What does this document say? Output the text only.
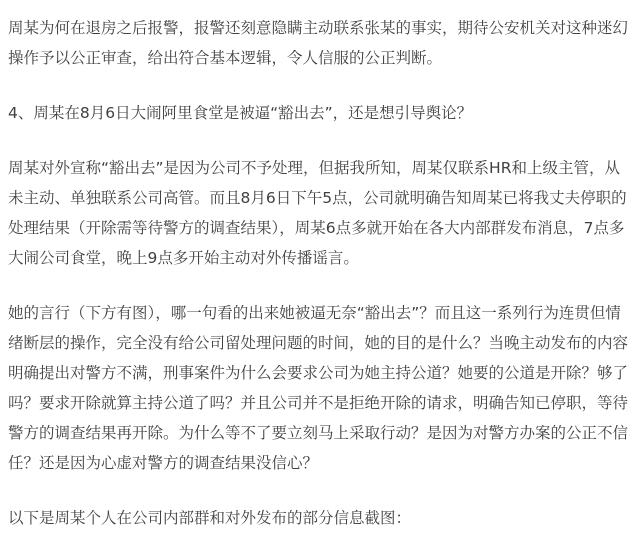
周某为何在退房之后报警，报警还刻意隐瞒主动联系张某的事实，期待公安机关对这种迷幻操作予以公正审查，给出符合基本逻辑，令人信服的公正判断。

4、周某在8月6日大闹阿里食堂是被逼“豁出去”，还是想引导舆论？

周某对外宣称“豁出去”是因为公司不予处理，但据我所知，周某仅联系HR和上级主管，从未主动、单独联系公司高管。而且8月6日下午5点，公司就明确告知周某已将我丈夫停职的处理结果（开除需等待警方的调查结果），周某6点多就开始在各大内部群发布消息，7点多大闹公司食堂，晚上9点多开始主动对外传播谣言。

她的言行（下方有图），哪一句看的出来她被逼无奈“豁出去”？而且这一系列行为连贯但情绪断层的操作，完全没有给公司留处理问题的时间，她的目的是什么？当晚主动发布的内容明确提出对警方不满，刑事案件为什么会要求公司为她主持公道？她要的公道是开除？够了吗？要求开除就算主持公道了吗？并且公司并不是拒绝开除的请求，明确告知已停职，等待警方的调查结果再开除。为什么等不了要立刻马上采取行动？是因为对警方办案的公正不信任？还是因为心虚对警方的调查结果没信心？

以下是周某个人在公司内部群和对外发布的部分信息截图：
